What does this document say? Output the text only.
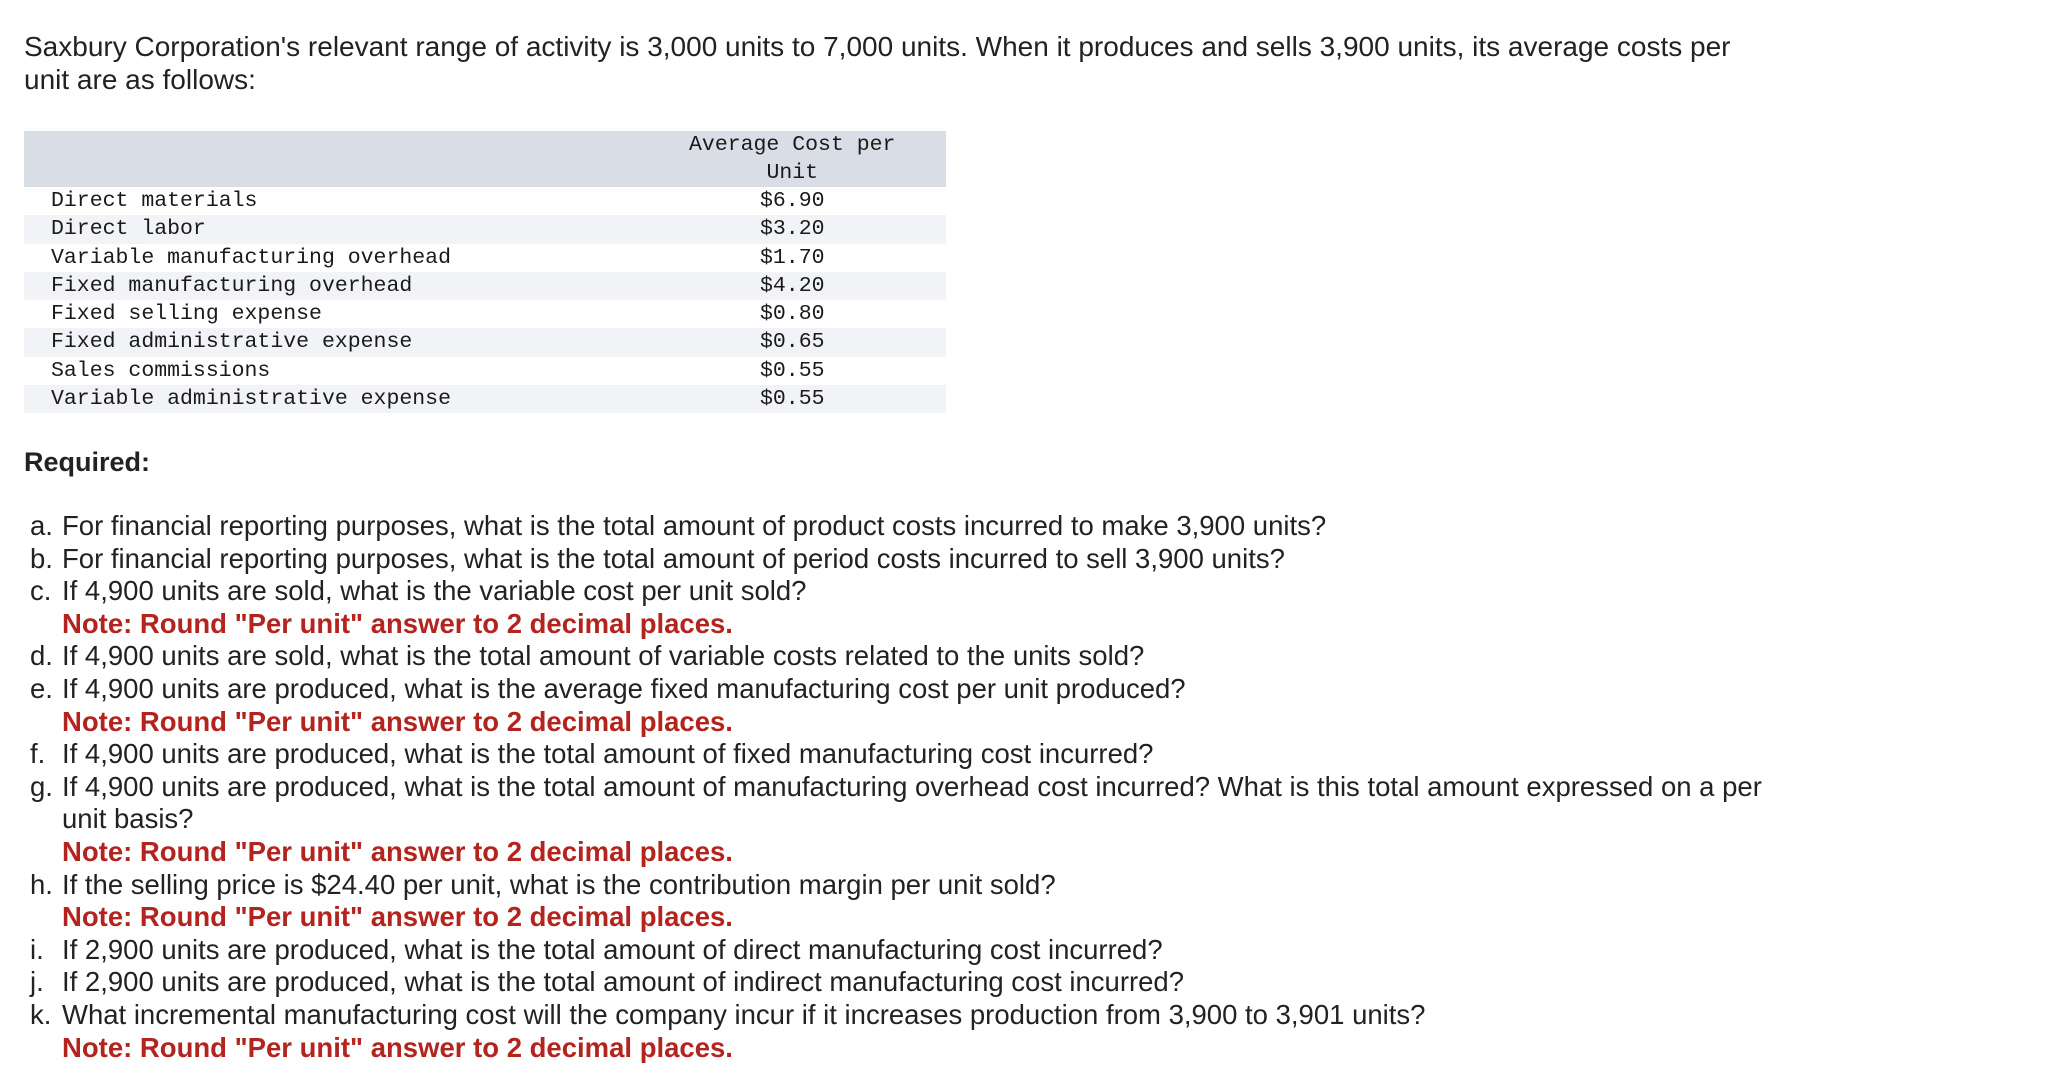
Saxbury Corporation's relevant range of activity is 3,000 units to 7,000 units. When it produces and sells 3,900 units, its average costs per unit are as follows:

	Average Cost per
Unit

Direct materials	$6.90
Direct labor	$3.20
Variable manufacturing overhead	$1.70
Fixed manufacturing overhead	$4.20
Fixed selling expense	$0.80
Fixed administrative expense	$0.65
Sales commissions	$0.55
Variable administrative expense	$0.55
Required:
a. For financial reporting purposes, what is the total amount of product costs incurred to make 3,900 units?
b. For financial reporting purposes, what is the total amount of period costs incurred to sell 3,900 units?
c. If 4,900 units are sold, what is the variable cost per unit sold?
Note: Round "Per unit" answer to 2 decimal places.
d. If 4,900 units are sold, what is the total amount of variable costs related to the units sold?
e. If 4,900 units are produced, what is the average fixed manufacturing cost per unit produced?
Note: Round "Per unit" answer to 2 decimal places.
f. If 4,900 units are produced, what is the total amount of fixed manufacturing cost incurred?
g. If 4,900 units are produced, what is the total amount of manufacturing overhead cost incurred? What is this total amount expressed on a per unit basis?
Note: Round "Per unit" answer to 2 decimal places.
h. If the selling price is $24.40 per unit, what is the contribution margin per unit sold?
Note: Round "Per unit" answer to 2 decimal places.
i. If 2,900 units are produced, what is the total amount of direct manufacturing cost incurred?
j. If 2,900 units are produced, what is the total amount of indirect manufacturing cost incurred?
k. What incremental manufacturing cost will the company incur if it increases production from 3,900 to 3,901 units?
Note: Round "Per unit" answer to 2 decimal places.
